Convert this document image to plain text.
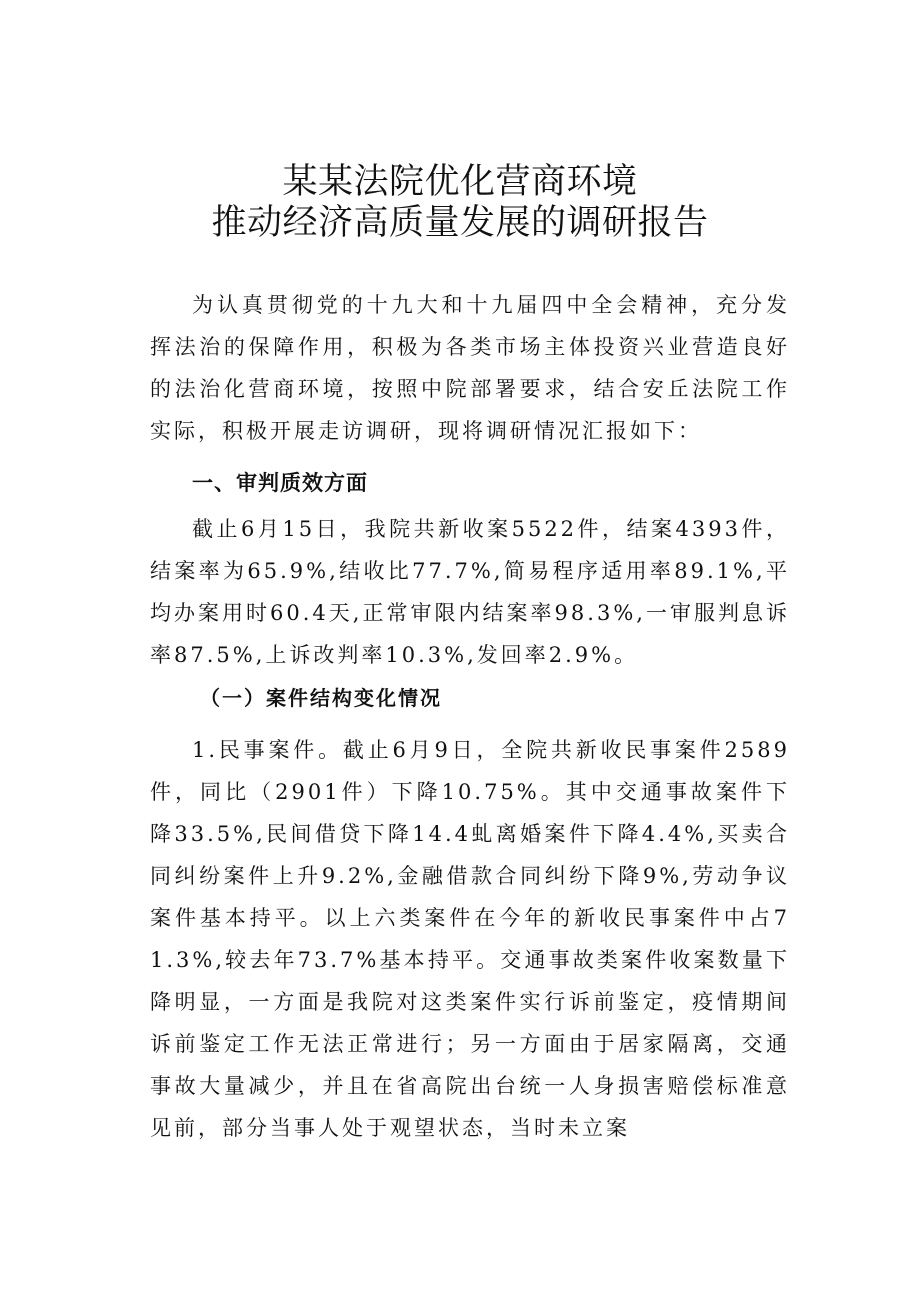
某某法院优化营商环境
推动经济高质量发展的调研报告

为认真贯彻党的十九大和十九届四中全会精神，充分发挥法治的保障作用，积极为各类市场主体投资兴业营造良好的法治化营商环境，按照中院部署要求，结合安丘法院工作实际，积极开展走访调研，现将调研情况汇报如下：

一、审判质效方面

截止6月15日，我院共新收案5522件，结案4393件，结案率为65.9%,结收比77.7%,简易程序适用率89.1%,平均办案用时60.4天,正常审限内结案率98.3%,一审服判息诉率87.5%,上诉改判率10.3%,发回率2.9%。

（一）案件结构变化情况

1.民事案件。截止6月9日，全院共新收民事案件2589件，同比（2901件）下降10.75%。其中交通事故案件下降33.5%,民间借贷下降14.4虬离婚案件下降4.4%,买卖合同纠纷案件上升9.2%,金融借款合同纠纷下降9%,劳动争议案件基本持平。以上六类案件在今年的新收民事案件中占71.3%,较去年73.7%基本持平。交通事故类案件收案数量下降明显，一方面是我院对这类案件实行诉前鉴定，疫情期间诉前鉴定工作无法正常进行；另一方面由于居家隔离，交通事故大量减少，并且在省高院出台统一人身损害赔偿标准意见前，部分当事人处于观望状态，当时未立案
